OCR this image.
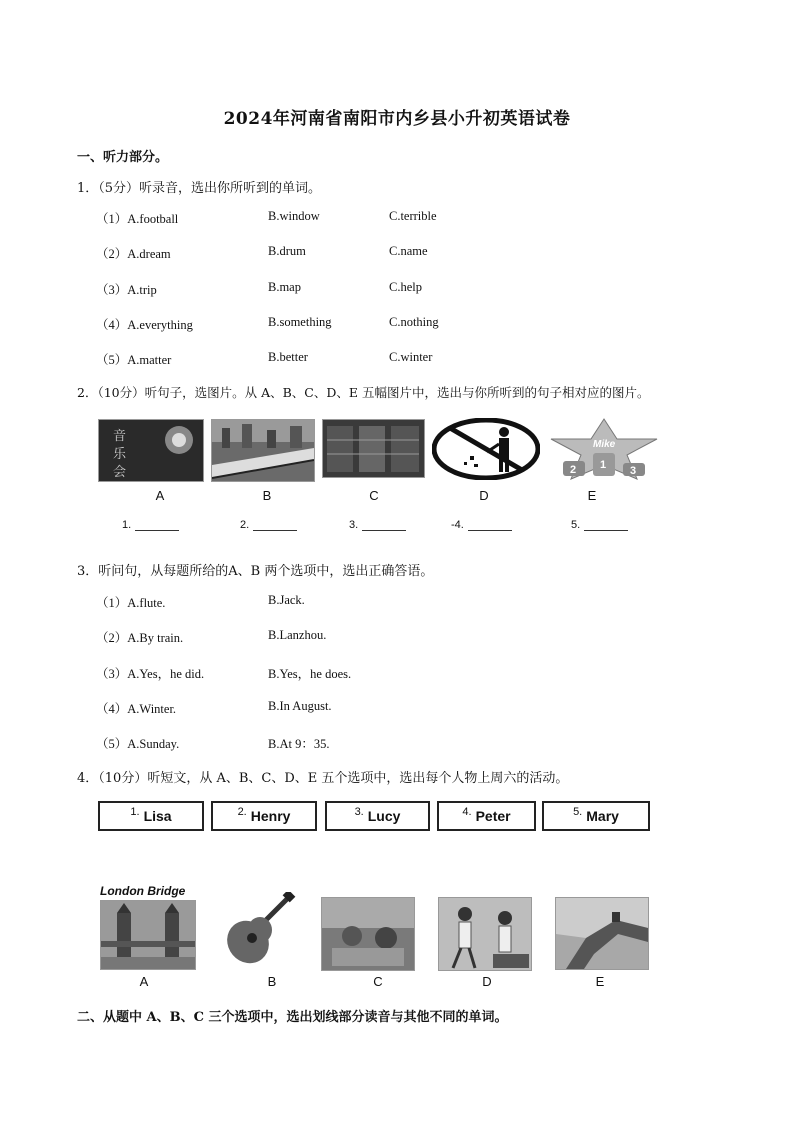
2024年河南省南阳市内乡县小升初英语试卷
一、听力部分。
1．（5分）听录音，选出你所听到的单词。
（1）A.football	B.window	C.terrible
（2）A.dream	B.drum	C.name
（3）A.trip	B.map	C.help
（4）A.everything	B.something	C.nothing
（5）A.matter	B.better	C.winter
2．（10分）听句子，选图片。从 A、B、C、D、E 五幅图片中，选出与你所听到的句子相对应的图片。
音
乐
会
Mike
2 1 3
A	B	C	D	E
1.	2.	3.	-4.	5.
3．听问句，从每题所给的A、B 两个选项中，选出正确答语。
（1）A.flute.	B.Jack.
（2）A.By train.	B.Lanzhou.
（3）A.Yes，he did.	B.Yes，he does.
（4）A.Winter.	B.In August.
（5）A.Sunday.	B.At 9：35.
4．（10分）听短文，从 A、B、C、D、E 五个选项中，选出每个人物上周六的活动。
1. Lisa	2. Henry	3. Lucy	4. Peter	5. Mary
London Bridge
A	B	C	D	E
二、从题中 A、B、C 三个选项中，选出划线部分读音与其他不同的单词。
